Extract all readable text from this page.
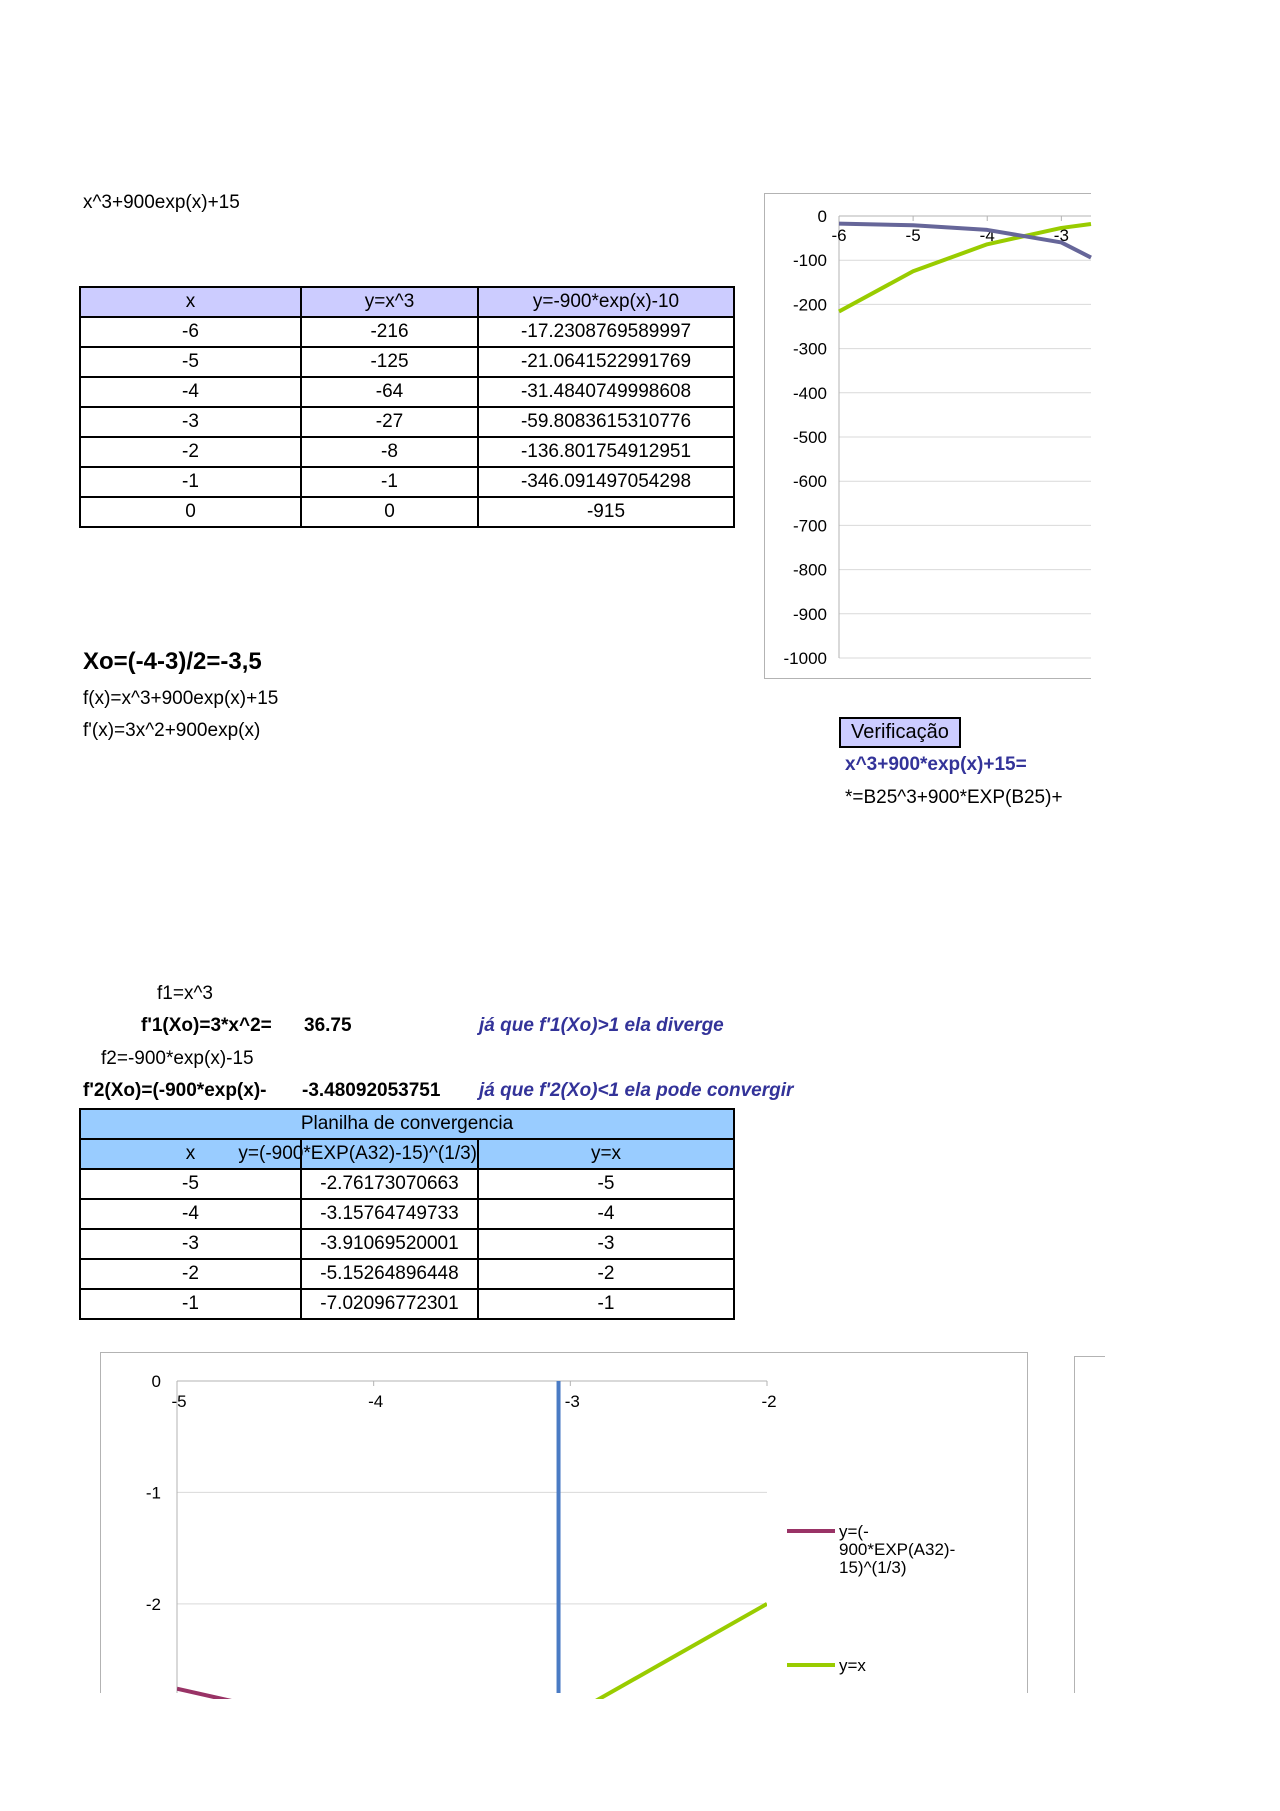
x^3+900exp(x)+15
x	y=x^3	y=-900*exp(x)-10
-6	-216	-17.2308769589997
-5	-125	-21.0641522991769
-4	-64	-31.4840749998608
-3	-27	-59.8083615310776
-2	-8	-136.801754912951
-1	-1	-346.091497054298
0	0	-915
0
-100
-200
-300
-400
-500
-600
-700
-800
-900
-1000
-6	-5	-4	-3
Xo=(-4-3)/2=-3,5
f(x)=x^3+900exp(x)+15
f'(x)=3x^2+900exp(x)	Verificação
x^3+900*exp(x)+15=
*=B25^3+900*EXP(B25)+
f1=x^3
f'1(Xo)=3*x^2= 36.75	já que f'1(Xo)>1 ela diverge
f2=-900*exp(x)-15
f'2(Xo)=(-900*exp(x)- -3.48092053751 já que f'2(Xo)<1 ela pode convergir
Planilha de convergencia		
x	y=(-900*EXP(A32)-15)^(1/3)	y=x
-5	-2.76173070663	-5
-4	-3.15764749733	-4
-3	-3.91069520001	-3
-2	-5.15264896448	-2
-1	-7.02096772301	-1
0
-1
-2
-5	-4	-3	-2
y=(-900*EXP(A32)-15)^(1/3)
y=x
